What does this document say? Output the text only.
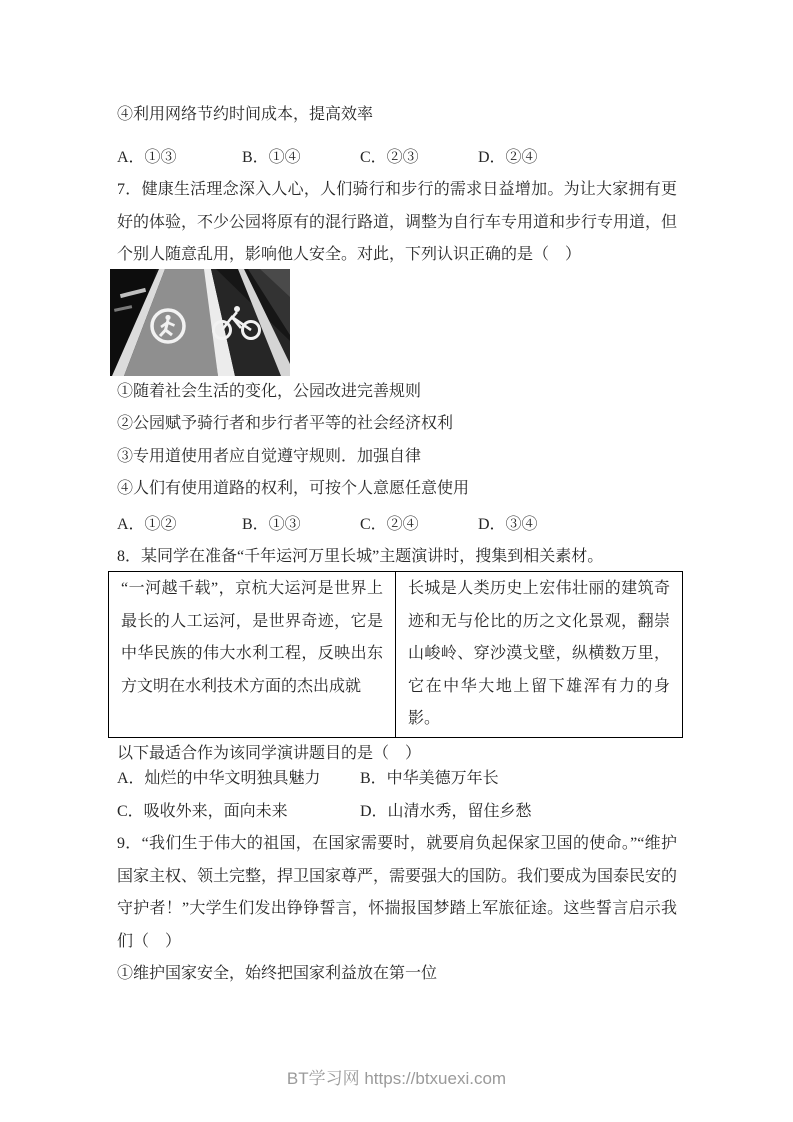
④利用网络节约时间成本，提高效率

A．①③	B．①④	C．②③	D．②④

7．健康生活理念深入人心，人们骑行和步行的需求日益增加。为让大家拥有更好的体验，不少公园将原有的混行路道，调整为自行车专用道和步行专用道，但个别人随意乱用，影响他人安全。对此，下列认识正确的是（　）

①随着社会生活的变化，公园改进完善规则

②公园赋予骑行者和步行者平等的社会经济权利

③专用道使用者应自觉遵守规则．加强自律

④人们有使用道路的权利，可按个人意愿任意使用

A．①②	B．①③	C．②④	D．③④

8．某同学在准备“千年运河万里长城”主题演讲时，搜集到相关素材。

“一河越千载”，京杭大运河是世界上最长的人工运河，是世界奇迹，它是中华民族的伟大水利工程，反映出东方文明在水利技术方面的杰出成就	长城是人类历史上宏伟壮丽的建筑奇迹和无与伦比的历之文化景观，翻崇山峻岭、穿沙漠戈壁，纵横数万里，它在中华大地上留下雄浑有力的身影。

以下最适合作为该同学演讲题目的是（　）

A．灿烂的中华文明独具魅力	B．中华美德万年长
C．吸收外来，面向未来	D．山清水秀，留住乡愁

9．“我们生于伟大的祖国，在国家需要时，就要肩负起保家卫国的使命。”“维护国家主权、领土完整，捍卫国家尊严，需要强大的国防。我们要成为国泰民安的守护者！”大学生们发出铮铮誓言，怀揣报国梦踏上军旅征途。这些誓言启示我们（　）

①维护国家安全，始终把国家利益放在第一位

BT学习网 https://btxuexi.com
